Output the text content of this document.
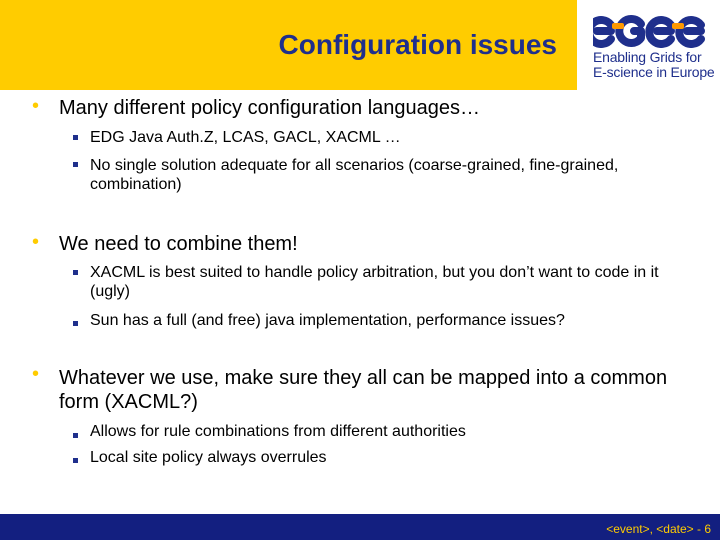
Configuration issues	Enabling Grids for
E-science in Europe
• Many different policy configuration languages…
EDG Java Auth.Z, LCAS, GACL, XACML …
No single solution adequate for all scenarios (coarse-grained, fine-grained, combination)
• We need to combine them!
XACML is best suited to handle policy arbitration, but you don’t want to code in it (ugly)
Sun has a full (and free) java implementation, performance issues?
• Whatever we use, make sure they all can be mapped into a common form (XACML?)
Allows for rule combinations from different authorities
Local site policy always overrules
<event>, <date> - 6
